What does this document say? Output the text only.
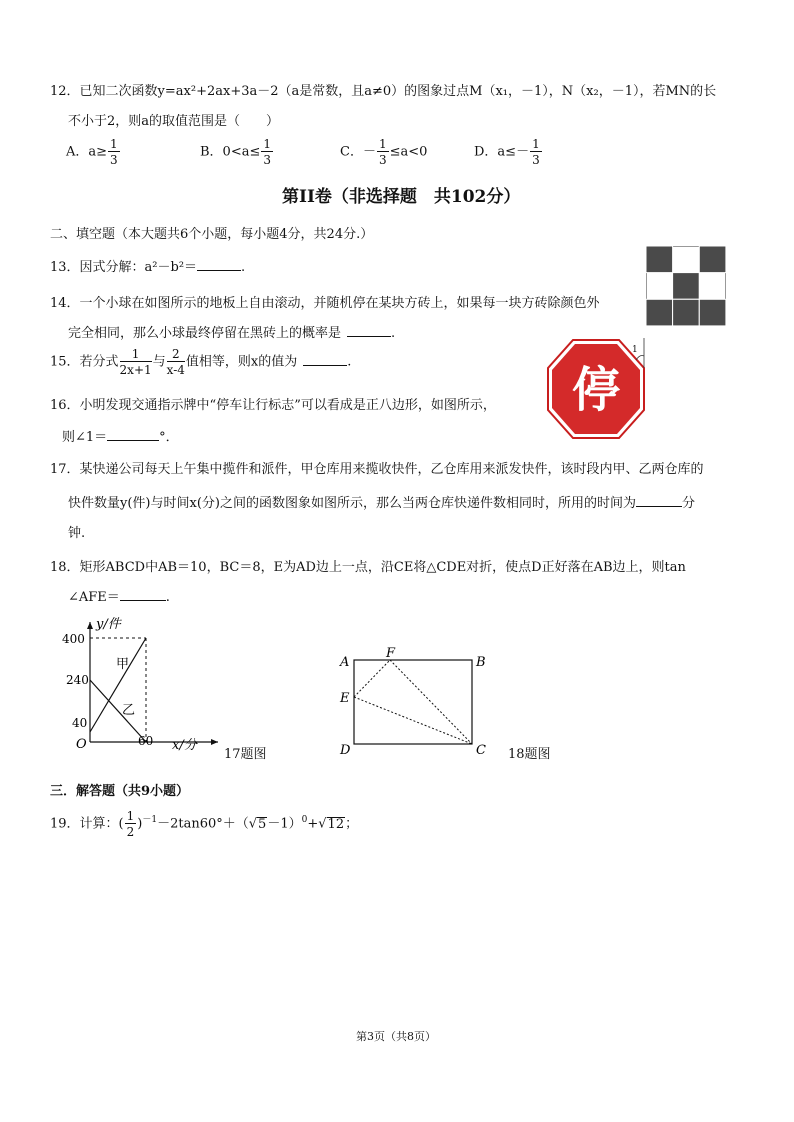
12．已知二次函数y=ax²+2ax+3a－2（a是常数，且a≠0）的图象过点M（x₁，－1），N（x₂，－1），若MN的长
不小于2，则a的取值范围是（　　）
A．$a\ge \frac{1}{3}$	B．$0<a\le \frac{1}{3}$	C．－ $\frac{1}{3} \le a<0$	D．$a\le- \frac{1}{3}$
第II卷（非选择题　共102分）
二、填空题（本大题共6个小题，每小题4分，共24分.）
13．因式分解：a²－b²＝	.
14．一个小球在如图所示的地板上自由滚动，并随机停在某块方砖上，如果每一块方砖除颜色外
完全相同，那么小球最终停留在黑砖上的概率是	.
15．若分式 $\frac{1}{2x+1}$ 与 $\frac{2}{x-4}$ 值相等，则x的值为	.	停
1
16．小明发现交通指示牌中“停车让行标志”可以看成是正八边形，如图所示，
则∠1＝	°．
17．某快递公司每天上午集中揽件和派件，甲仓库用来揽收快件，乙仓库用来派发快件，该时段内甲、乙两仓库的
快件数量y(件)与时间x(分)之间的函数图象如图所示，那么当两仓库快递件数相同时，所用的时间为	分
钟.
18．矩形ABCD中AB＝10，BC＝8，E为AD边上一点，沿CE将△CDE对折，使点D正好落在AB边上，则tan
∠AFE＝	.
y/件
400
240
40
O	60 x/分
甲
乙
17题图
A
F
B
E
D	C 18题图
三．解答题（共9小题）
19．计算：( $\frac{1}{2} )^{-1}-2\tan 60^\circ+(√5-1)^0+√12$；
第3页（共8页）
